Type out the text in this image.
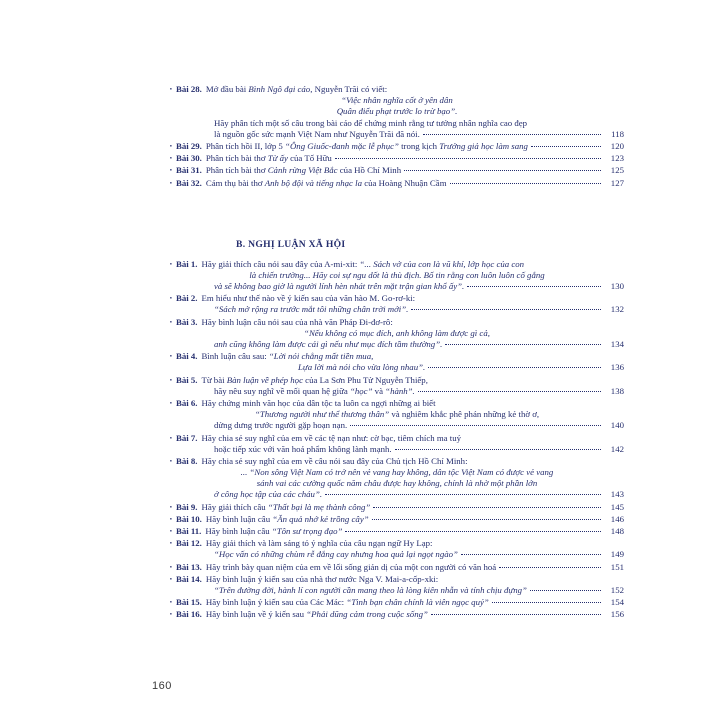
▪ Bài 28. Mở đầu bài Bình Ngô đại cáo, Nguyễn Trãi có viết:
“Việc nhân nghĩa cốt ở yên dân
Quân điếu phạt trước lo trừ bạo”.
Hãy phân tích một số câu trong bài cáo để chứng minh rằng tư tưởng nhân nghĩa cao đẹp
là nguồn gốc sức mạnh Việt Nam như Nguyễn Trãi đã nói.	118
▪ Bài 29. Phân tích hồi II, lớp 5 “Ông Giuốc-đanh mặc lễ phục” trong kịch Trưởng giả học làm sang	120
▪ Bài 30. Phân tích bài thơ Từ ấy của Tố Hữu	123
▪ Bài 31. Phân tích bài thơ Cảnh rừng Việt Bắc của Hồ Chí Minh	125
▪ Bài 32. Cảm thụ bài thơ Anh bộ đội và tiếng nhạc la của Hoàng Nhuận Cầm	127
B. NGHỊ LUẬN XÃ HỘI
▪ Bài 1. Hãy giải thích câu nói sau đây của A-mi-xit: “... Sách vở của con là vũ khí, lớp học của con
là chiến trường... Hãy coi sự ngu dốt là thù địch. Bố tin rằng con luôn luôn cố gắng
và sẽ không bao giờ là người lính hèn nhát trên mặt trận gian khổ ấy”.	130
▪ Bài 2. Em hiểu như thế nào về ý kiến sau của văn hào M. Go-rơ-ki:
“Sách mở rộng ra trước mắt tôi những chân trời mới”.	132
▪ Bài 3. Hãy bình luận câu nói sau của nhà văn Pháp Đi-đơ-rô:
“Nếu không có mục đích, anh không làm được gì cả,
anh cũng không làm được cái gì nếu như mục đích tầm thường”.	134
▪ Bài 4. Bình luận câu sau: “Lời nói chẳng mất tiền mua,
Lựa lời mà nói cho vừa lòng nhau”.	136
▪ Bài 5. Từ bài Bàn luận về phép học của La Sơn Phu Tử Nguyễn Thiếp,
hãy nêu suy nghĩ về mối quan hệ giữa “học” và “hành”.	138
▪ Bài 6. Hãy chứng minh văn học của dân tộc ta luôn ca ngợi những ai biết
“Thương người như thể thương thân” và nghiêm khắc phê phán những kẻ thờ ơ,
dửng dưng trước người gặp hoạn nạn.	140
▪ Bài 7. Hãy chia sẻ suy nghĩ của em về các tệ nạn như: cờ bạc, tiêm chích ma tuý
hoặc tiếp xúc với văn hoá phẩm không lành mạnh.	142
▪ Bài 8. Hãy chia sẻ suy nghĩ của em về câu nói sau đây của Chủ tịch Hồ Chí Minh:
... “Non sông Việt Nam có trở nên vẻ vang hay không, dân tộc Việt Nam có được vẻ vang
sánh vai các cường quốc năm châu được hay không, chính là nhờ một phần lớn
ở công học tập của các cháu”.	143
▪ Bài 9. Hãy giải thích câu “Thất bại là mẹ thành công”	145
▪ Bài 10. Hãy bình luận câu “Ăn quả nhớ kẻ trồng cây”	146
▪ Bài 11. Hãy bình luận câu “Tôn sư trọng đạo”	148
▪ Bài 12. Hãy giải thích và làm sáng tỏ ý nghĩa của câu ngạn ngữ Hy Lạp:
“Học vấn có những chùm rễ đắng cay nhưng hoa quả lại ngọt ngào”	149
▪ Bài 13. Hãy trình bày quan niệm của em về lối sống giản dị của một con người có văn hoá	151
▪ Bài 14. Hãy bình luận ý kiến sau của nhà thơ nước Nga V. Mai-a-cốp-xki:
“Trên đường đời, hành lí con người cần mang theo là lòng kiên nhẫn và tính chịu đựng”	152
▪ Bài 15. Hãy bình luận ý kiến sau của Các Mác: “Tình bạn chân chính là viên ngọc quý”	154
▪ Bài 16. Hãy bình luận về ý kiến sau “Phải dũng cảm trong cuộc sống”	156
160
